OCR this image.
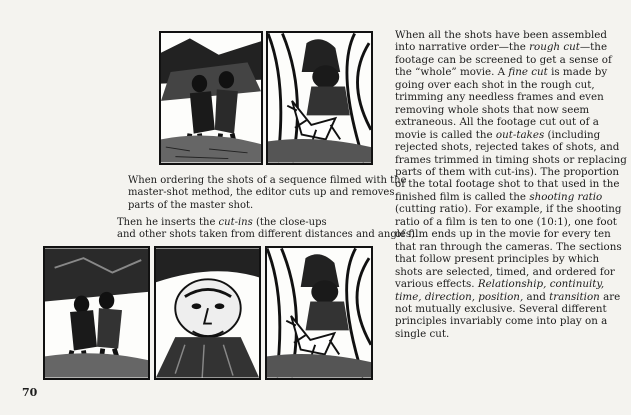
When ordering the shots of a sequence filmed with the
master-shot method, the editor cuts up and removes
parts of the master shot.
Then he inserts the cut-ins (the close-ups
and other shots taken from different distances and angles).

When all the shots have been assembled into narrative order—the rough cut—the footage can be screened to get a sense of the “whole” movie. A fine cut is made by going over each shot in the rough cut, trimming any needless frames and even removing whole shots that now seem extraneous. All the footage cut out of a movie is called the out-takes (including rejected shots, rejected takes of shots, and frames trimmed in timing shots or replacing parts of them with cut-ins). The proportion of the total footage shot to that used in the finished film is called the shooting ratio (cutting ratio). For example, if the shooting ratio of a film is ten to one (10:1), one foot of film ends up in the movie for every ten that ran through the cameras. The sections that follow present principles by which shots are selected, timed, and ordered for various effects. Relationship, continuity, time, direction, position, and transition are not mutually exclusive. Several different principles invariably come into play on a single cut.

70
